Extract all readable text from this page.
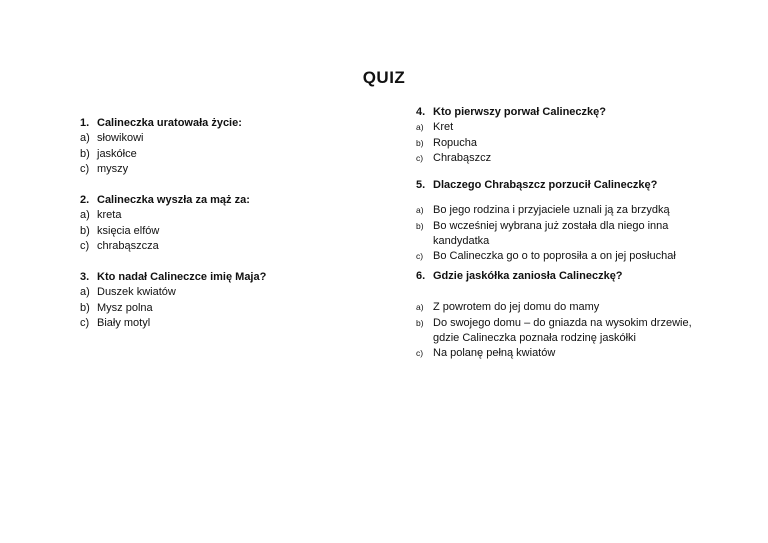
QUIZ
1. Calineczka uratowała życie:
a) słowikowi
b) jaskółce
c) myszy
2. Calineczka wyszła za mąż za:
a) kreta
b) księcia elfów
c) chrabąszcza
3. Kto nadał Calineczce imię Maja?
a) Duszek kwiatów
b) Mysz polna
c) Biały motyl
4. Kto pierwszy porwał Calineczkę?
a) Kret
b) Ropucha
c) Chrabąszcz
5. Dlaczego Chrabąszcz porzucił Calineczkę?
a) Bo jego rodzina i przyjaciele uznali ją za brzydką
b) Bo wcześniej wybrana już została dla niego inna kandydatka
c) Bo Calineczka go o to poprosiła a on jej posłuchał
6. Gdzie jaskółka zaniosła Calineczkę?
a) Z powrotem do jej domu do mamy
b) Do swojego domu – do gniazda na wysokim drzewie, gdzie Calineczka poznała rodzinę jaskółki
c) Na polanę pełną kwiatów
